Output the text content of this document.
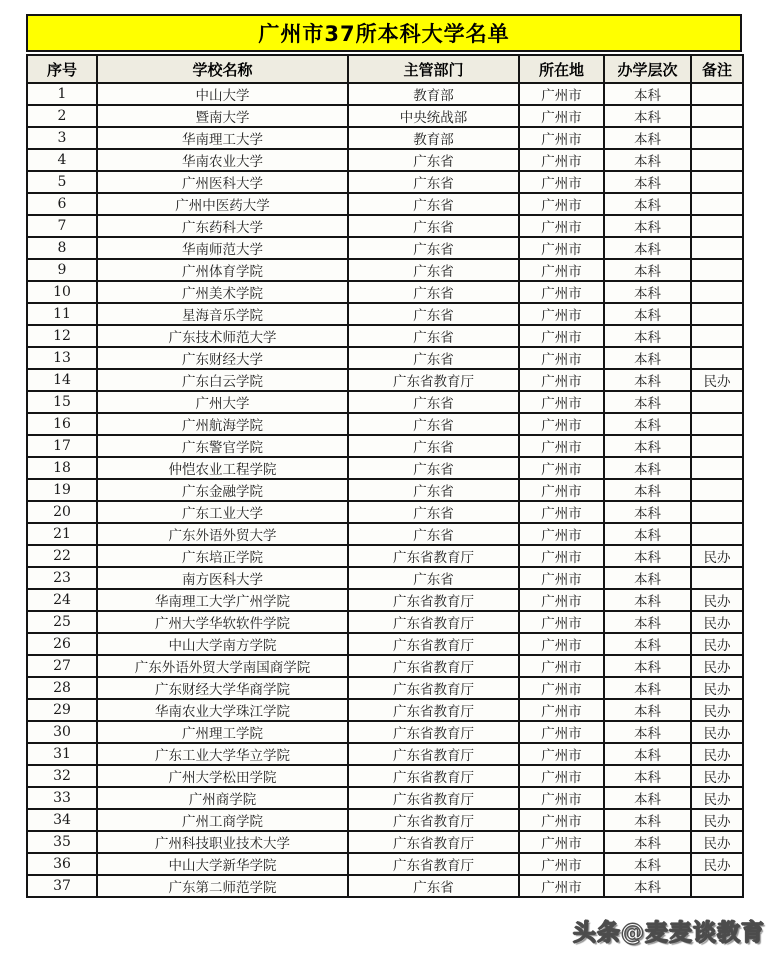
广州市37所本科大学名单
序号	学校名称	主管部门	所在地	办学层次	备注
1	中山大学	教育部	广州市	本科	
2	暨南大学	中央统战部	广州市	本科	
3	华南理工大学	教育部	广州市	本科	
4	华南农业大学	广东省	广州市	本科	
5	广州医科大学	广东省	广州市	本科	
6	广州中医药大学	广东省	广州市	本科	
7	广东药科大学	广东省	广州市	本科	
8	华南师范大学	广东省	广州市	本科	
9	广州体育学院	广东省	广州市	本科	
10	广州美术学院	广东省	广州市	本科	
11	星海音乐学院	广东省	广州市	本科	
12	广东技术师范大学	广东省	广州市	本科	
13	广东财经大学	广东省	广州市	本科	
14	广东白云学院	广东省教育厅	广州市	本科	民办
15	广州大学	广东省	广州市	本科	
16	广州航海学院	广东省	广州市	本科	
17	广东警官学院	广东省	广州市	本科	
18	仲恺农业工程学院	广东省	广州市	本科	
19	广东金融学院	广东省	广州市	本科	
20	广东工业大学	广东省	广州市	本科	
21	广东外语外贸大学	广东省	广州市	本科	
22	广东培正学院	广东省教育厅	广州市	本科	民办
23	南方医科大学	广东省	广州市	本科	
24	华南理工大学广州学院	广东省教育厅	广州市	本科	民办
25	广州大学华软软件学院	广东省教育厅	广州市	本科	民办
26	中山大学南方学院	广东省教育厅	广州市	本科	民办
27	广东外语外贸大学南国商学院	广东省教育厅	广州市	本科	民办
28	广东财经大学华商学院	广东省教育厅	广州市	本科	民办
29	华南农业大学珠江学院	广东省教育厅	广州市	本科	民办
30	广州理工学院	广东省教育厅	广州市	本科	民办
31	广东工业大学华立学院	广东省教育厅	广州市	本科	民办
32	广州大学松田学院	广东省教育厅	广州市	本科	民办
33	广州商学院	广东省教育厅	广州市	本科	民办
34	广州工商学院	广东省教育厅	广州市	本科	民办
35	广州科技职业技术大学	广东省教育厅	广州市	本科	民办
36	中山大学新华学院	广东省教育厅	广州市	本科	民办
37	广东第二师范学院	广东省	广州市	本科	
头条@麦麦谈教育
